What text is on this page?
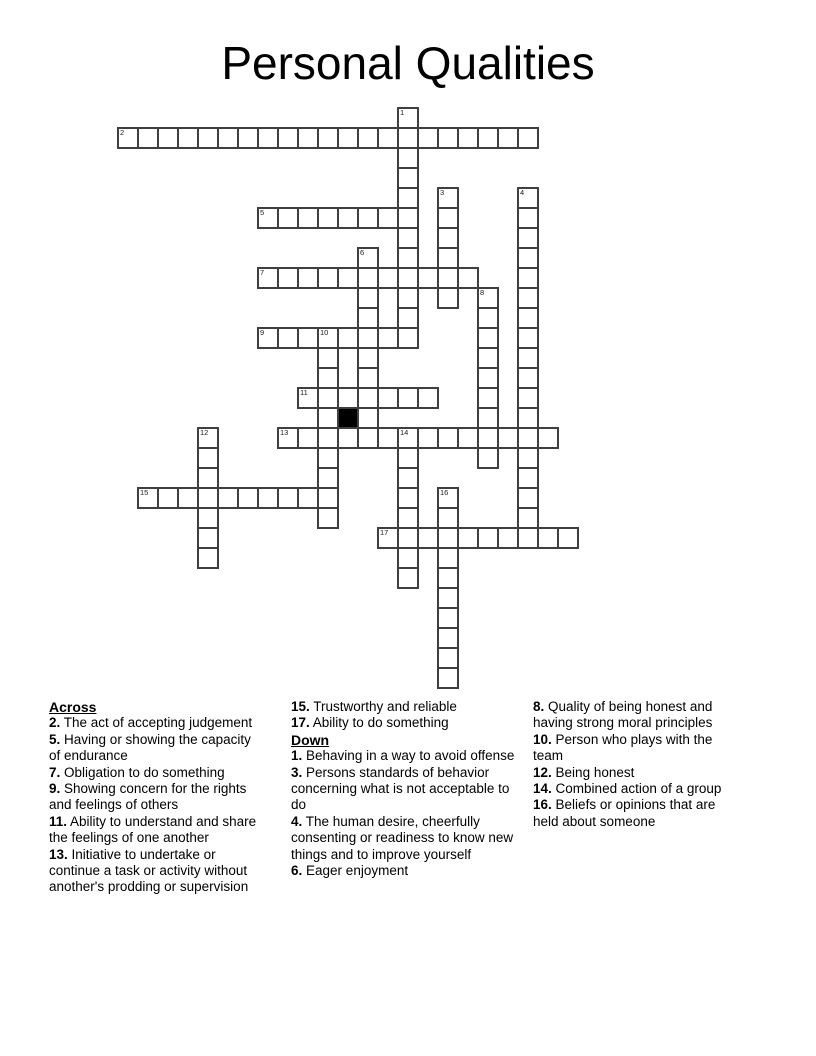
Personal Qualities
2
5
7
9
11
13
15
17
1
3	4
6
8
10
12	14
16
Across
2. The act of accepting judgement
5. Having or showing the capacity of endurance
7. Obligation to do something
9. Showing concern for the rights and feelings of others
11. Ability to understand and share the feelings of one another
13. Initiative to undertake or continue a task or activity without another's prodding or supervision
15. Trustworthy and reliable
17. Ability to do something
Down
1. Behaving in a way to avoid offense
3. Persons standards of behavior concerning what is not acceptable to do
4. The human desire, cheerfully consenting or readiness to know new things and to improve yourself
6. Eager enjoyment
8. Quality of being honest and having strong moral principles
10. Person who plays with the team
12. Being honest
14. Combined action of a group
16. Beliefs or opinions that are held about someone
